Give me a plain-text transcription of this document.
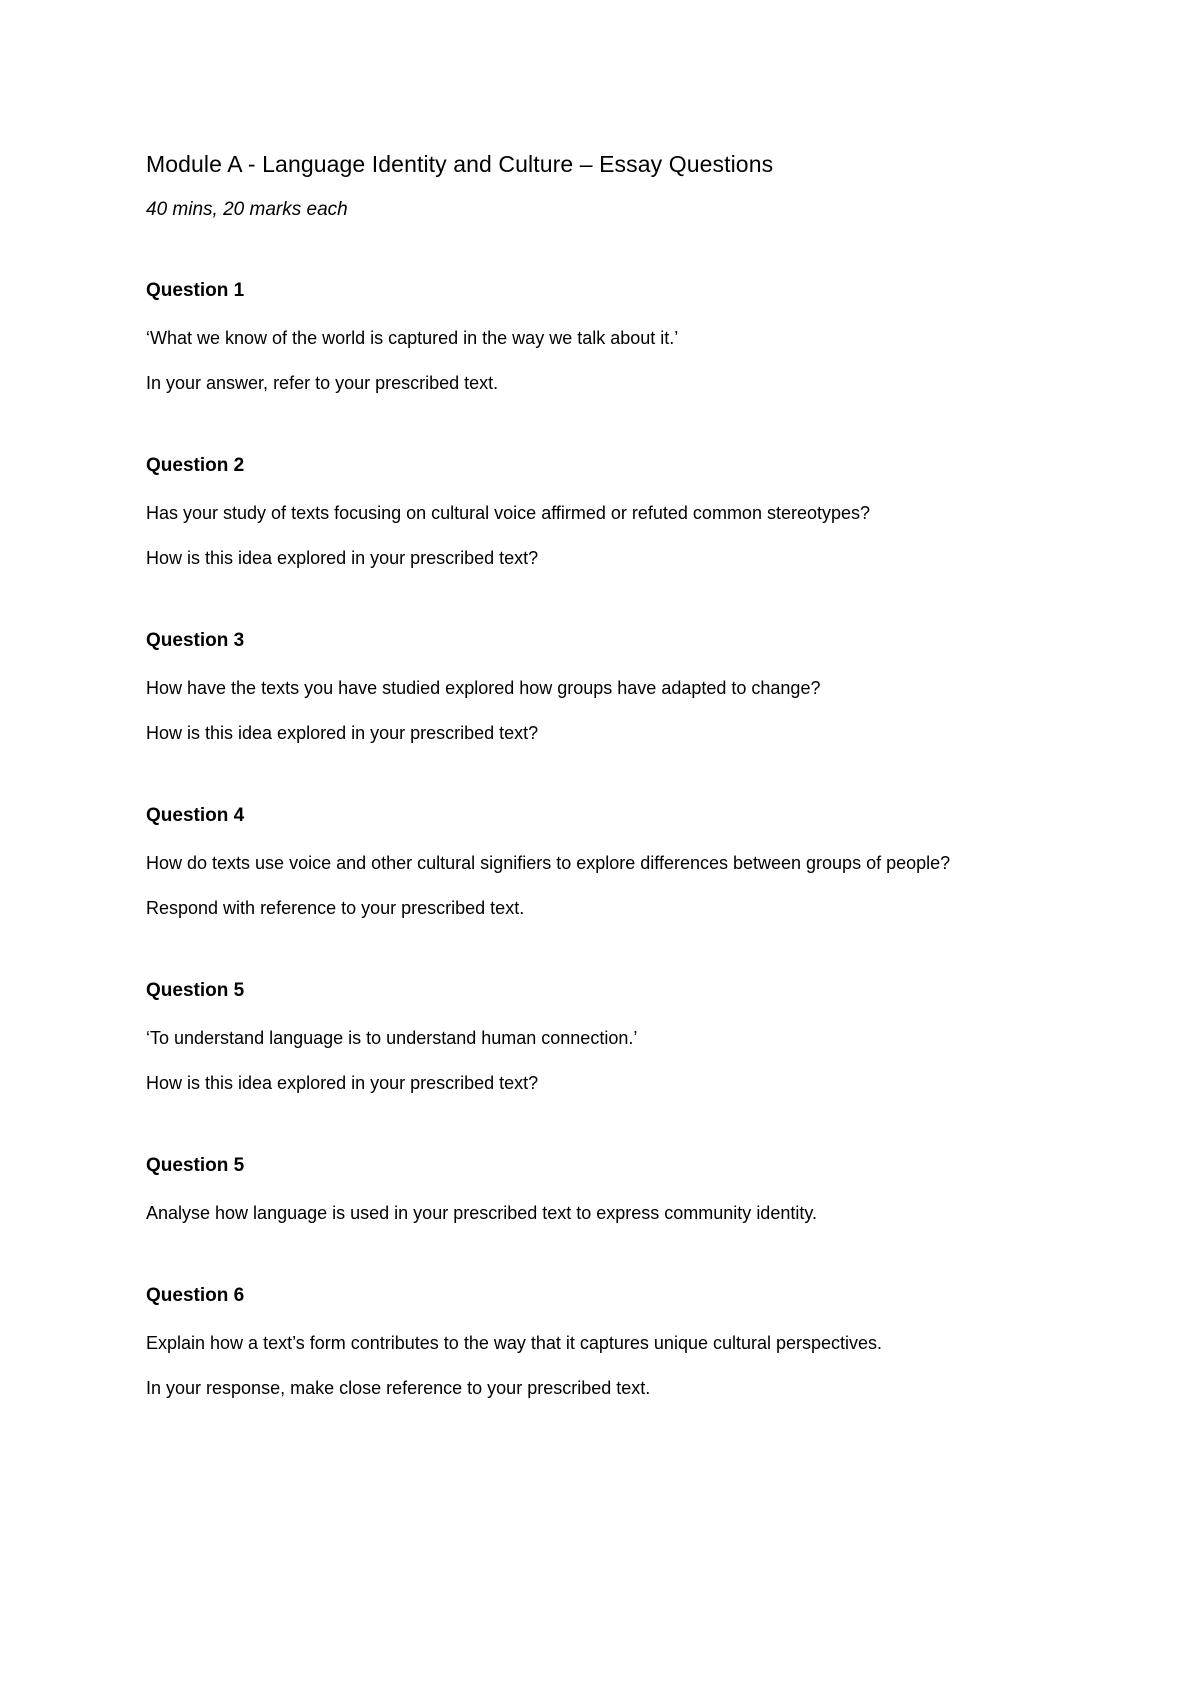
Module A - Language Identity and Culture – Essay Questions

40 mins, 20 marks each

Question 1

‘What we know of the world is captured in the way we talk about it.’

In your answer, refer to your prescribed text.

Question 2

Has your study of texts focusing on cultural voice affirmed or refuted common stereotypes?

How is this idea explored in your prescribed text?

Question 3

How have the texts you have studied explored how groups have adapted to change?

How is this idea explored in your prescribed text?

Question 4

How do texts use voice and other cultural signifiers to explore differences between groups of people?

Respond with reference to your prescribed text.

Question 5

‘To understand language is to understand human connection.’

How is this idea explored in your prescribed text?

Question 5

Analyse how language is used in your prescribed text to express community identity.

Question 6

Explain how a text’s form contributes to the way that it captures unique cultural perspectives.

In your response, make close reference to your prescribed text.
